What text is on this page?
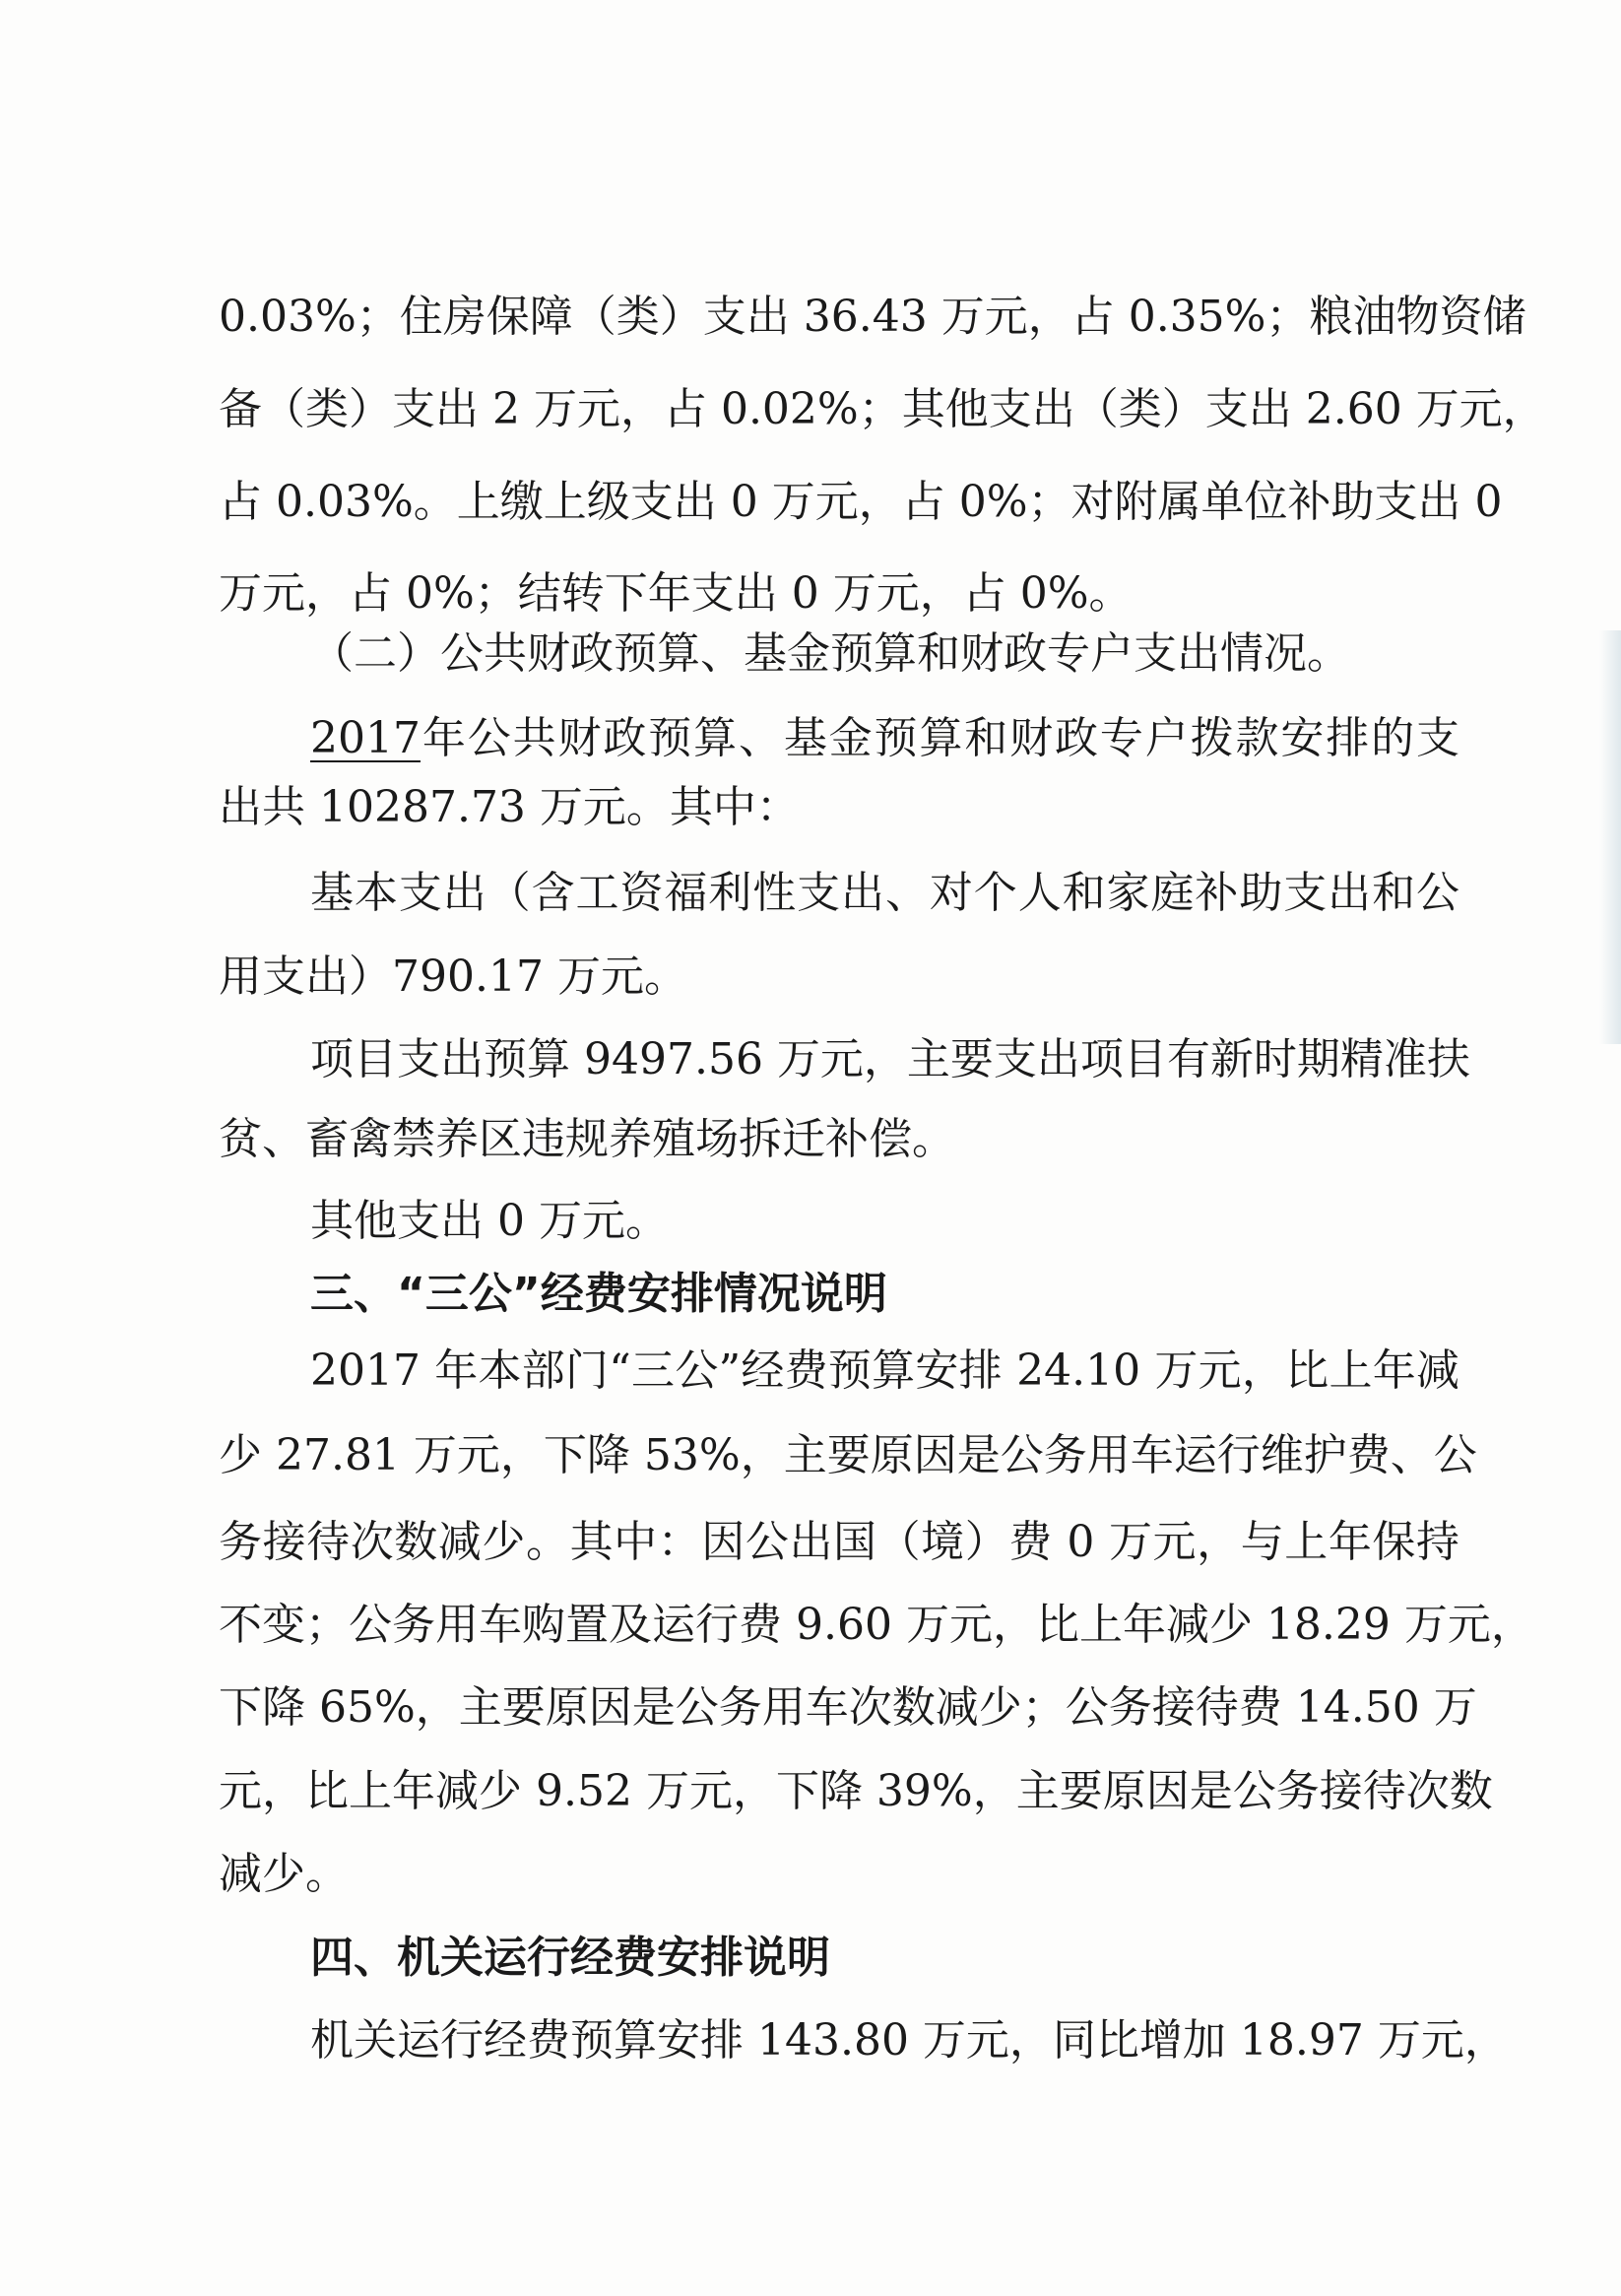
0.03%；住房保障（类）支出 36.43 万元，占 0.35%；粮油物资储
备（类）支出 2 万元，占 0.02%；其他支出（类）支出 2.60 万元，
占 0.03%。上缴上级支出 0 万元，占 0%；对附属单位补助支出 0
万元，占 0%；结转下年支出 0 万元，占 0%。
（二）公共财政预算、基金预算和财政专户支出情况。
2017年公共财政预算、基金预算和财政专户拨款安排的支
出共 10287.73 万元。其中：
基本支出（含工资福利性支出、对个人和家庭补助支出和公
用支出）790.17 万元。
项目支出预算 9497.56 万元，主要支出项目有新时期精准扶
贫、畜禽禁养区违规养殖场拆迁补偿。
其他支出 0 万元。
三、“三公”经费安排情况说明
2017 年本部门“三公”经费预算安排 24.10 万元，比上年减
少 27.81 万元，下降 53%，主要原因是公务用车运行维护费、公
务接待次数减少。其中：因公出国（境）费 0 万元，与上年保持
不变；公务用车购置及运行费 9.60 万元，比上年减少 18.29 万元，
下降 65%，主要原因是公务用车次数减少；公务接待费 14.50 万
元，比上年减少 9.52 万元，下降 39%，主要原因是公务接待次数
减少。
四、机关运行经费安排说明
机关运行经费预算安排 143.80 万元，同比增加 18.97 万元，
